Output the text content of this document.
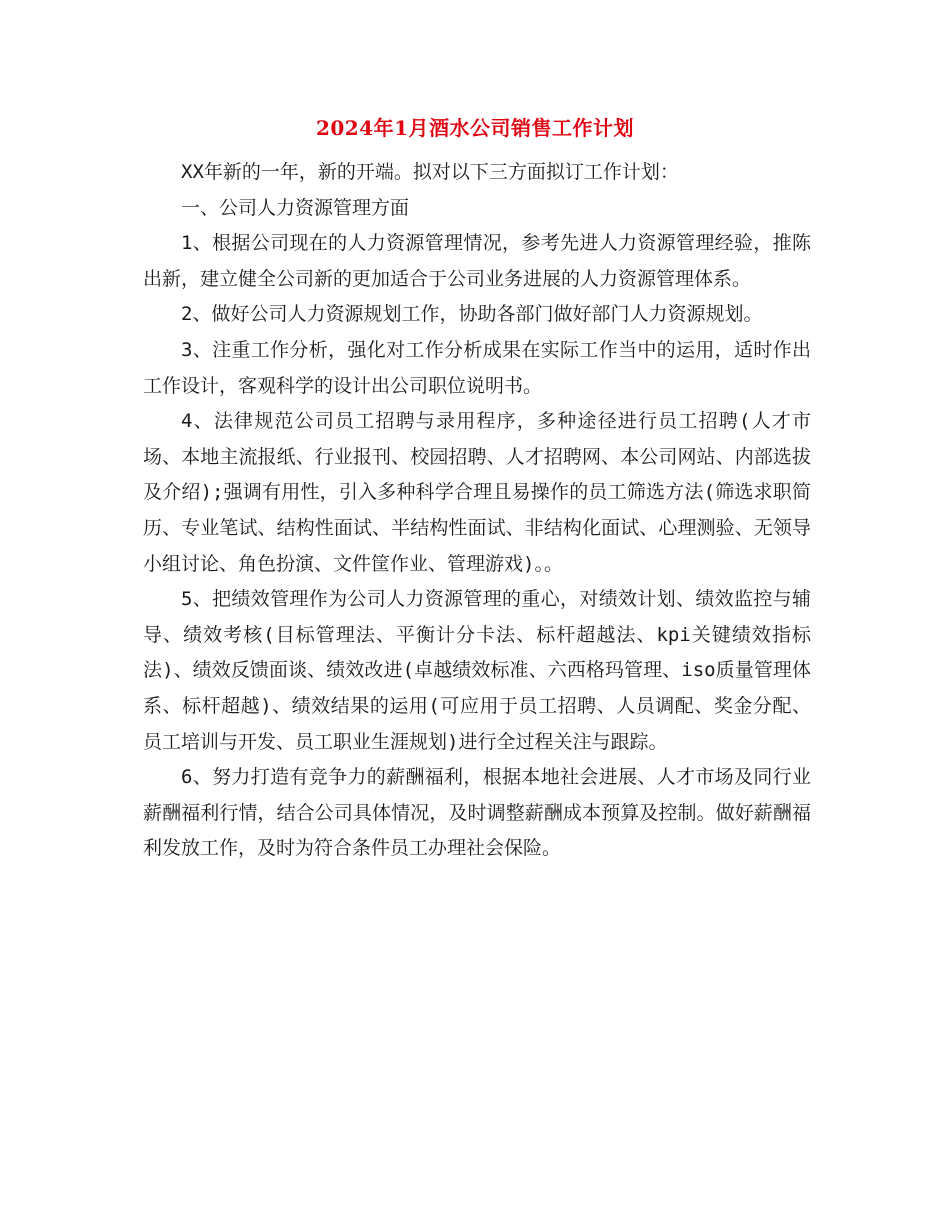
2024年1月酒水公司销售工作计划

XX年新的一年，新的开端。拟对以下三方面拟订工作计划：

一、公司人力资源管理方面

1、根据公司现在的人力资源管理情况，参考先进人力资源管理经验，推陈出新，建立健全公司新的更加适合于公司业务进展的人力资源管理体系。

2、做好公司人力资源规划工作，协助各部门做好部门人力资源规划。

3、注重工作分析，强化对工作分析成果在实际工作当中的运用，适时作出工作设计，客观科学的设计出公司职位说明书。

4、法律规范公司员工招聘与录用程序，多种途径进行员工招聘(人才市场、本地主流报纸、行业报刊、校园招聘、人才招聘网、本公司网站、内部选拔及介绍);强调有用性，引入多种科学合理且易操作的员工筛选方法(筛选求职简历、专业笔试、结构性面试、半结构性面试、非结构化面试、心理测验、无领导小组讨论、角色扮演、文件筐作业、管理游戏)。。

5、把绩效管理作为公司人力资源管理的重心，对绩效计划、绩效监控与辅导、绩效考核(目标管理法、平衡计分卡法、标杆超越法、kpi关键绩效指标法)、绩效反馈面谈、绩效改进(卓越绩效标准、六西格玛管理、iso质量管理体系、标杆超越)、绩效结果的运用(可应用于员工招聘、人员调配、奖金分配、员工培训与开发、员工职业生涯规划)进行全过程关注与跟踪。

6、努力打造有竞争力的薪酬福利，根据本地社会进展、人才市场及同行业薪酬福利行情，结合公司具体情况，及时调整薪酬成本预算及控制。做好薪酬福利发放工作，及时为符合条件员工办理社会保险。
